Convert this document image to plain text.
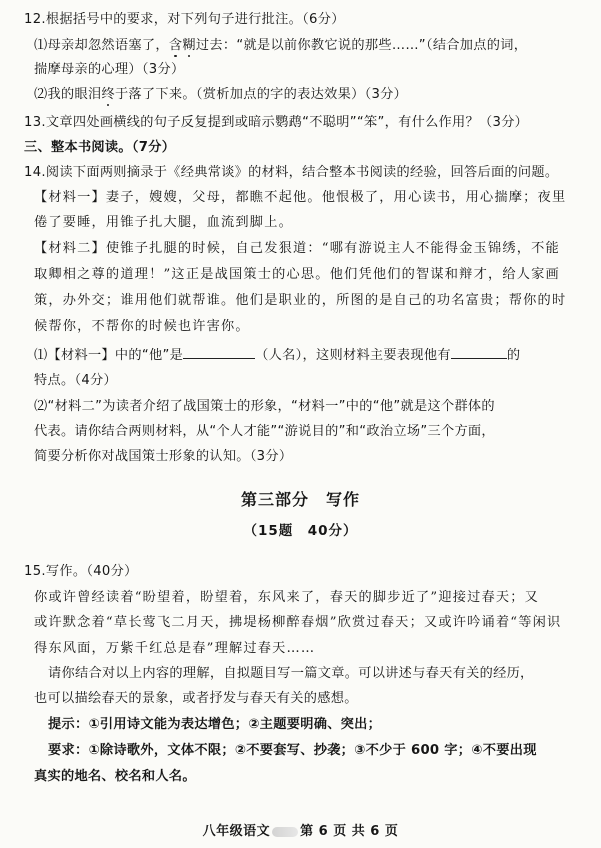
12.根据括号中的要求，对下列句子进行批注。（6分）
⑴母亲却忽然语塞了，含糊过去：“就是以前你教它说的那些……”（结合加点的词，
揣摩母亲的心理）（3分）
⑵我的眼泪终于落了下来。（赏析加点的字的表达效果）（3分）
13.文章四处画横线的句子反复提到或暗示鹦鹉“不聪明”“笨”，有什么作用？（3分）
三、整本书阅读。（7分）
14.阅读下面两则摘录于《经典常谈》的材料，结合整本书阅读的经验，回答后面的问题。
【材料一】妻子，嫂嫂，父母，都瞧不起他。他恨极了，用心读书，用心揣摩；夜里
倦了要睡，用锥子扎大腿，血流到脚上。
【材料二】使锥子扎腿的时候，自己发狠道：“哪有游说主人不能得金玉锦绣，不能
取卿相之尊的道理！”这正是战国策士的心思。他们凭他们的智谋和辩才，给人家画
策，办外交；谁用他们就帮谁。他们是职业的，所图的是自己的功名富贵；帮你的时
候帮你，不帮你的时候也许害你。
⑴【材料一】中的“他”是	（人名），这则材料主要表现他有	的
特点。（4分）
⑵“材料二”为读者介绍了战国策士的形象，“材料一”中的“他”就是这个群体的
代表。请你结合两则材料，从“个人才能”“游说目的”和“政治立场”三个方面，
简要分析你对战国策士形象的认知。（3分）
第三部分　写作
（15题　40分）
15.写作。（40分）
你或许曾经读着“盼望着，盼望着，东风来了，春天的脚步近了”迎接过春天；又
或许默念着“草长莺飞二月天，拂堤杨柳醉春烟”欣赏过春天；又或许吟诵着“等闲识
得东风面，万紫千红总是春”理解过春天……
请你结合对以上内容的理解，自拟题目写一篇文章。可以讲述与春天有关的经历，
也可以描绘春天的景象，或者抒发与春天有关的感想。
提示：①引用诗文能为表达增色；②主题要明确、突出；
要求：①除诗歌外，文体不限；②不要套写、抄袭；③不少于 600 字；④不要出现
真实的地名、校名和人名。
八年级语文 第 6 页 共 6 页
